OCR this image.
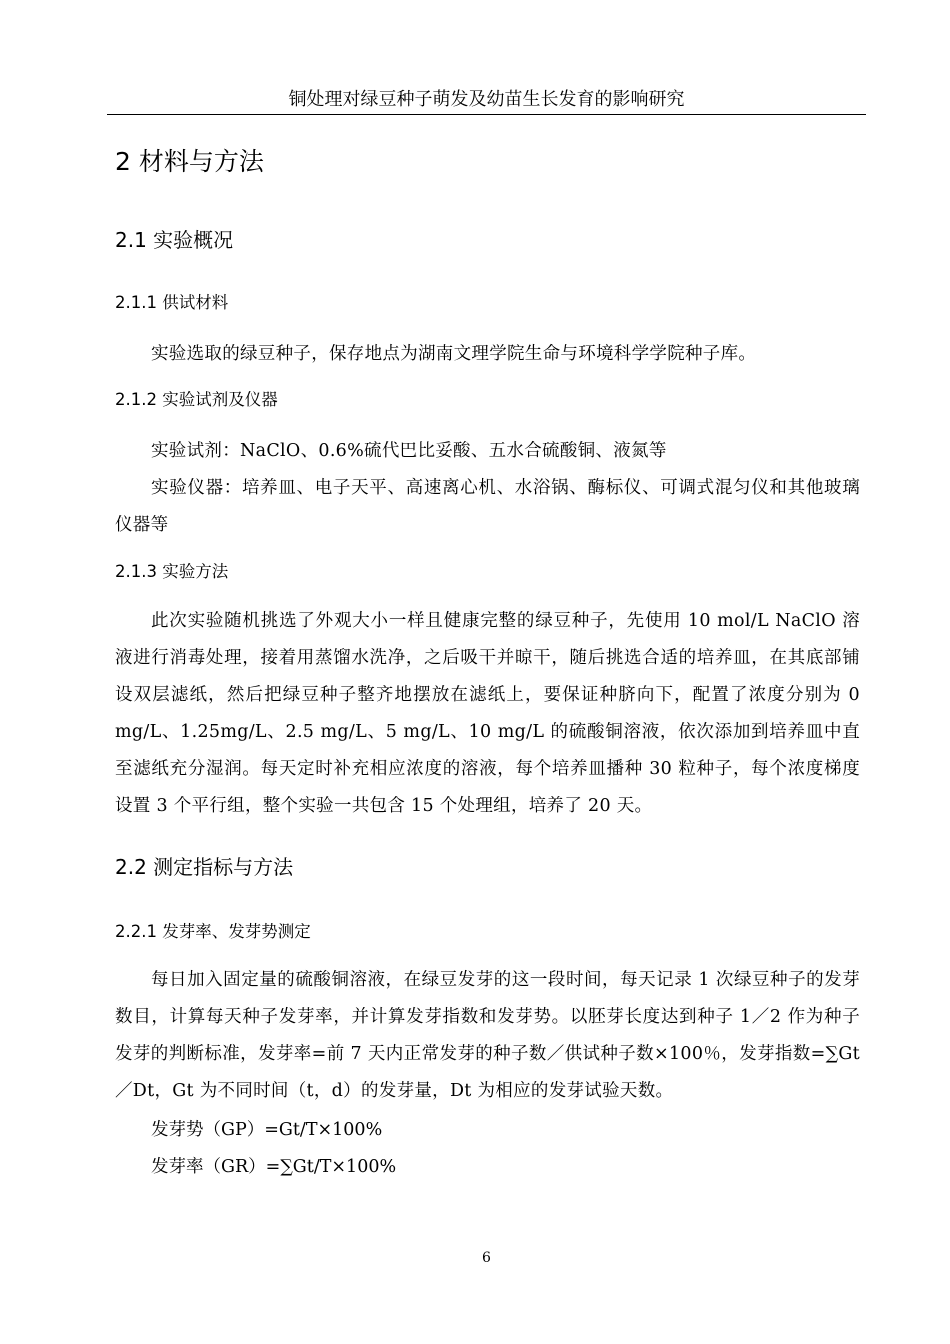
铜处理对绿豆种子萌发及幼苗生长发育的影响研究
2 材料与方法
2.1 实验概况
2.1.1 供试材料
实验选取的绿豆种子，保存地点为湖南文理学院生命与环境科学学院种子库。
2.1.2 实验试剂及仪器
实验试剂：NaClO、0.6%硫代巴比妥酸、五水合硫酸铜、液氮等
实验仪器：培养皿、电子天平、高速离心机、水浴锅、酶标仪、可调式混匀仪和其他玻璃仪器等
2.1.3 实验方法
此次实验随机挑选了外观大小一样且健康完整的绿豆种子，先使用 10 mol/L NaClO 溶液进行消毒处理，接着用蒸馏水洗净，之后吸干并晾干，随后挑选合适的培养皿，在其底部铺设双层滤纸，然后把绿豆种子整齐地摆放在滤纸上，要保证种脐向下，配置了浓度分别为 0 mg/L、1.25mg/L、2.5 mg/L、5 mg/L、10 mg/L 的硫酸铜溶液，依次添加到培养皿中直至滤纸充分湿润。每天定时补充相应浓度的溶液，每个培养皿播种 30 粒种子，每个浓度梯度设置 3 个平行组，整个实验一共包含 15 个处理组，培养了 20 天。
2.2 测定指标与方法
2.2.1 发芽率、发芽势测定
每日加入固定量的硫酸铜溶液，在绿豆发芽的这一段时间，每天记录 1 次绿豆种子的发芽数目，计算每天种子发芽率，并计算发芽指数和发芽势。以胚芽长度达到种子 1／2 作为种子发芽的判断标准，发芽率=前 7 天内正常发芽的种子数／供试种子数×100％，发芽指数=∑Gt／Dt，Gt 为不同时间（t，d）的发芽量，Dt 为相应的发芽试验天数。
发芽势（GP）=Gt/T×100%
发芽率（GR）=∑Gt/T×100%
6
